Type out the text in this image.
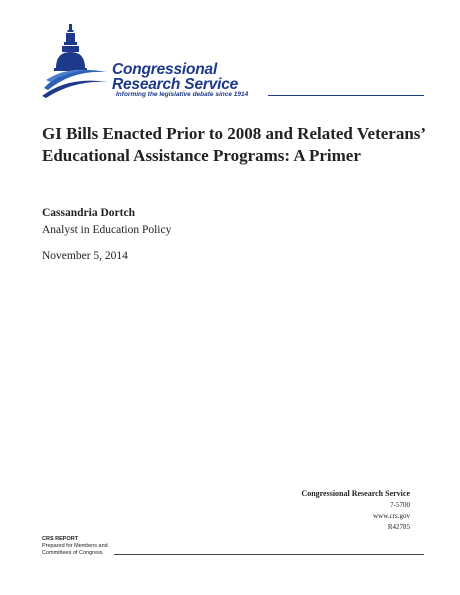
Congressional
Research Service
Informing the legislative debate since 1914
GI Bills Enacted Prior to 2008 and Related Veterans’ Educational Assistance Programs: A Primer
Cassandria Dortch
Analyst in Education Policy
November 5, 2014
Congressional Research Service
7-5700
www.crs.gov
R42785
CRS REPORT
Prepared for Members and
Committees of Congress
